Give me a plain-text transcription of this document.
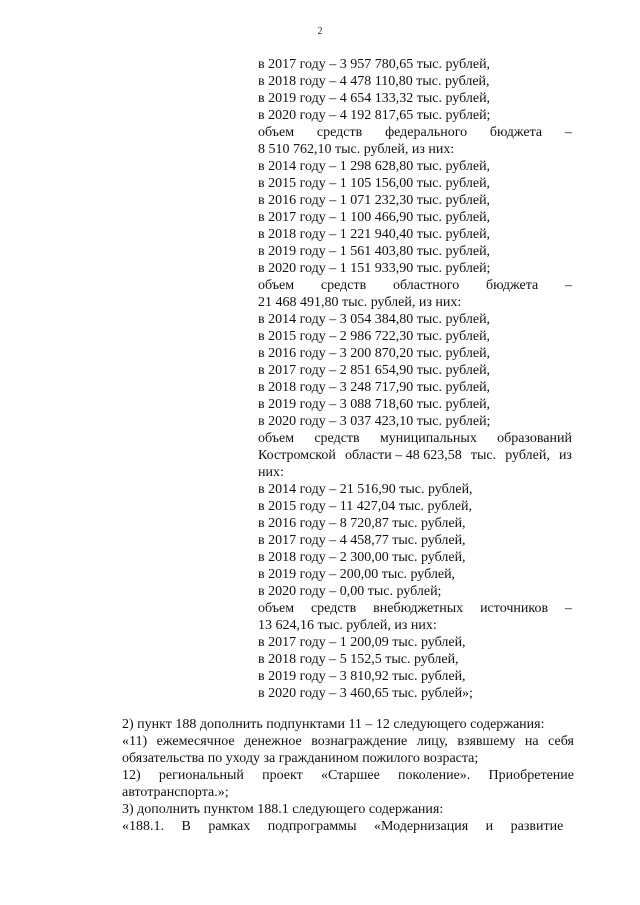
2
в 2017 году – 3 957 780,65 тыс. рублей,
в 2018 году – 4 478 110,80 тыс. рублей,
в 2019 году – 4 654 133,32 тыс. рублей,
в 2020 году – 4 192 817,65 тыс. рублей;
объем средств федерального бюджета –
8 510 762,10 тыс. рублей, из них:
в 2014 году – 1 298 628,80 тыс. рублей,
в 2015 году – 1 105 156,00 тыс. рублей,
в 2016 году – 1 071 232,30 тыс. рублей,
в 2017 году – 1 100 466,90 тыс. рублей,
в 2018 году – 1 221 940,40 тыс. рублей,
в 2019 году – 1 561 403,80 тыс. рублей,
в 2020 году – 1 151 933,90 тыс. рублей;
объем средств областного бюджета –
21 468 491,80 тыс. рублей, из них:
в 2014 году – 3 054 384,80 тыс. рублей,
в 2015 году – 2 986 722,30 тыс. рублей,
в 2016 году – 3 200 870,20 тыс. рублей,
в 2017 году – 2 851 654,90 тыс. рублей,
в 2018 году – 3 248 717,90 тыс. рублей,
в 2019 году – 3 088 718,60 тыс. рублей,
в 2020 году – 3 037 423,10 тыс. рублей;
объем средств муниципальных образований
Костромской области – 48 623,58 тыс. рублей, из
них:
в 2014 году – 21 516,90 тыс. рублей,
в 2015 году – 11 427,04 тыс. рублей,
в 2016 году – 8 720,87 тыс. рублей,
в 2017 году – 4 458,77 тыс. рублей,
в 2018 году – 2 300,00 тыс. рублей,
в 2019 году – 200,00 тыс. рублей,
в 2020 году – 0,00 тыс. рублей;
объем средств внебюджетных источников –
13 624,16 тыс. рублей, из них:
в 2017 году – 1 200,09 тыс. рублей,
в 2018 году – 5 152,5 тыс. рублей,
в 2019 году – 3 810,92 тыс. рублей,
в 2020 году – 3 460,65 тыс. рублей»;
2) пункт 188 дополнить подпунктами 11 – 12 следующего содержания:
«11) ежемесячное денежное вознаграждение лицу, взявшему на себя обязательства по уходу за гражданином пожилого возраста;
12) региональный проект «Старшее поколение». Приобретение автотранспорта.»;
3) дополнить пунктом 188.1 следующего содержания:
«188.1. В рамках подпрограммы «Модернизация и развитие
